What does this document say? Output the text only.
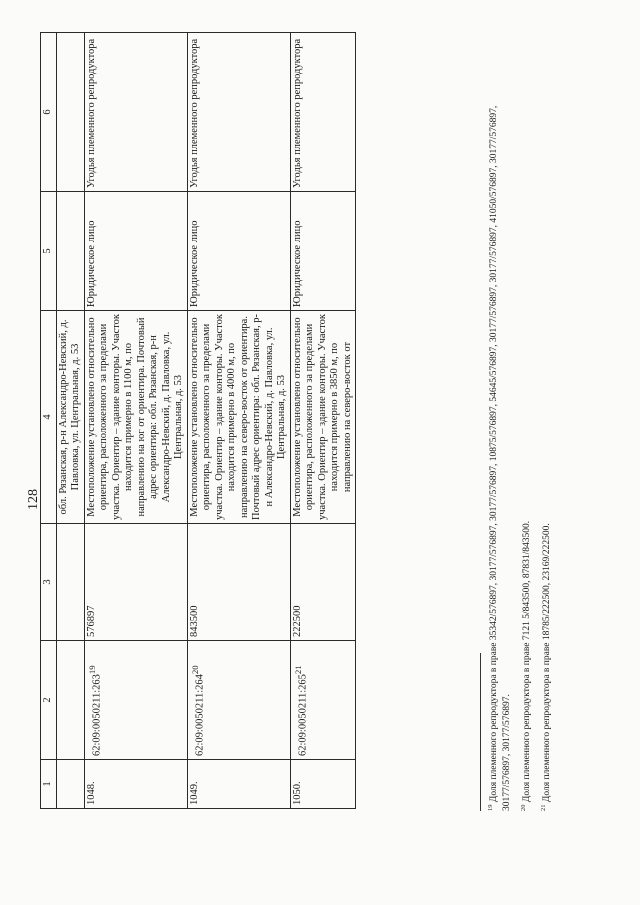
128
1	2	3	4	5	6
			обл. Рязанская, р-н Александро-Невский, д. Павловка, ул. Центральная, д. 53		
1048.	$62:09:0050211:263^{19}$	576897	Местоположение установлено относительно ориентира, расположенного за пределами участка. Ориентир – здание конторы. Участок находится примерно в 1100 м, по направлению на юг от ориентира. Почтовый адрес ориентира: обл. Рязанская, р-н Александро-Невский, д. Павловка, ул. Центральная, д. 53	Юридическое лицо	Угодья племенного репродуктора
1049.	$62:09:0050211:264^{20}$	843500	Местоположение установлено относительно ориентира, расположенного за пределами участка. Ориентир – здание конторы. Участок находится примерно в 4000 м, по направлению на северо-восток от ориентира. Почтовый адрес ориентира: обл. Рязанская, р-н Александро-Невский, д. Павловка, ул. Центральная, д. 53	Юридическое лицо	Угодья племенного репродуктора
1050.	$62:09:0050211:265^{21}$	222500	Местоположение установлено относительно ориентира, расположенного за пределами участка. Ориентир – здание конторы. Участок находится примерно в 3850 м, по направлению на северо-восток от	Юридическое лицо	Угодья племенного репродуктора

$^{19}$ Доля племенного репродуктора в праве 35342/576897, 30177/576897, 30177/576897, 10875/576897, 54645/576897, 30177/576897, 30177/576897, 41050/576897, 30177/576897, 30177/576897, 30177/576897.	$^{20}$ Доля племенного репродуктора в праве 7121 5/843500, 87831/843500.

$^{21}$ Доля племенного репродуктора в праве 18785/222500, 23169/222500.
